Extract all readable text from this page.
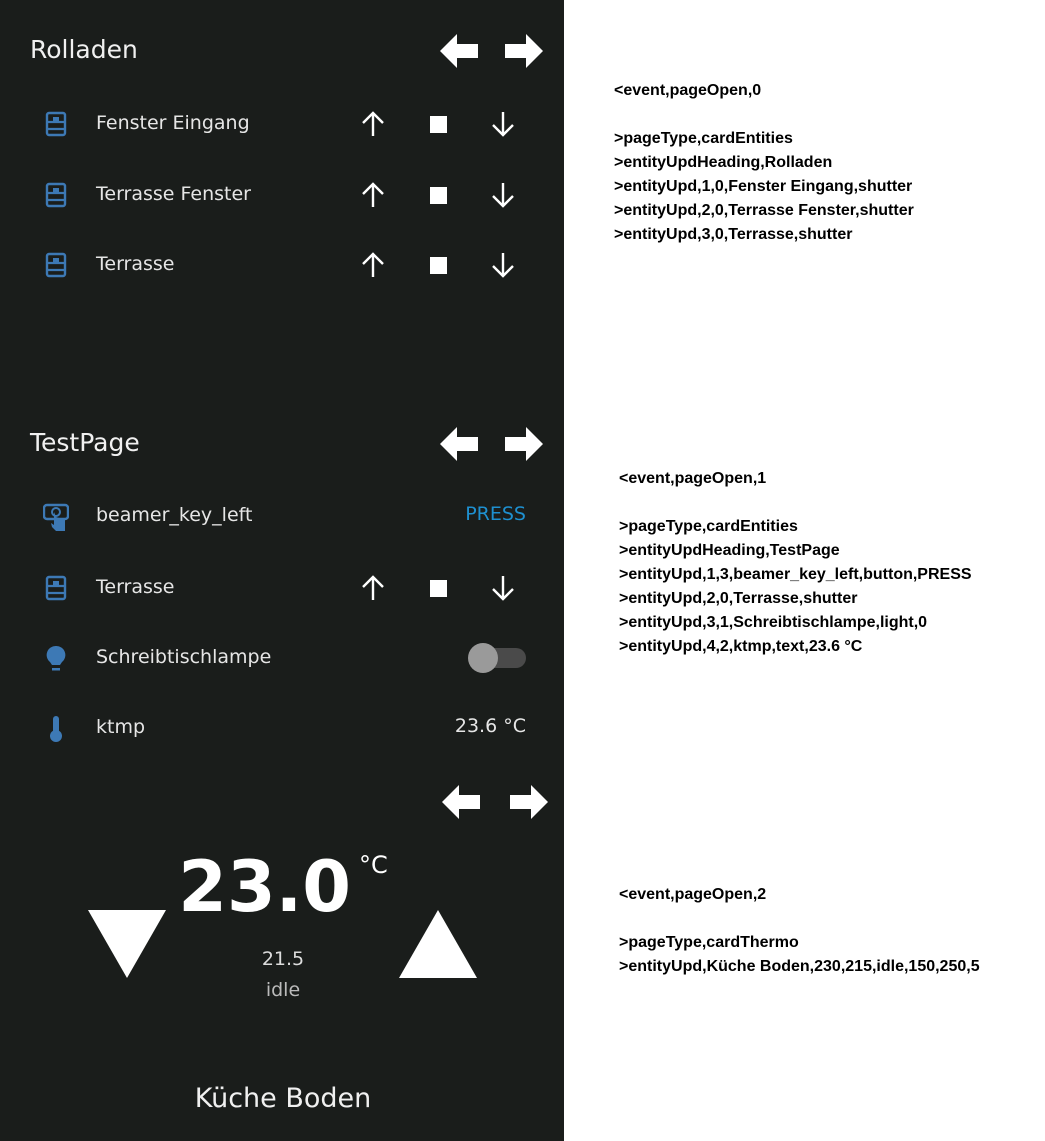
Rolladen
Fenster Eingang
Terrasse Fenster
Terrasse
TestPage
beamer_key_left	PRESS
Terrasse
Schreibtischlampe
ktmp	23.6 °C
23.0 °C
21.5
idle
Küche Boden
<event,pageOpen,0
>pageType,cardEntities
>entityUpdHeading,Rolladen
>entityUpd,1,0,Fenster Eingang,shutter
>entityUpd,2,0,Terrasse Fenster,shutter
>entityUpd,3,0,Terrasse,shutter
<event,pageOpen,1
>pageType,cardEntities
>entityUpdHeading,TestPage
>entityUpd,1,3,beamer_key_left,button,PRESS
>entityUpd,2,0,Terrasse,shutter
>entityUpd,3,1,Schreibtischlampe,light,0
>entityUpd,4,2,ktmp,text,23.6 °C
<event,pageOpen,2
>pageType,cardThermo
>entityUpd,Küche Boden,230,215,idle,150,250,5
